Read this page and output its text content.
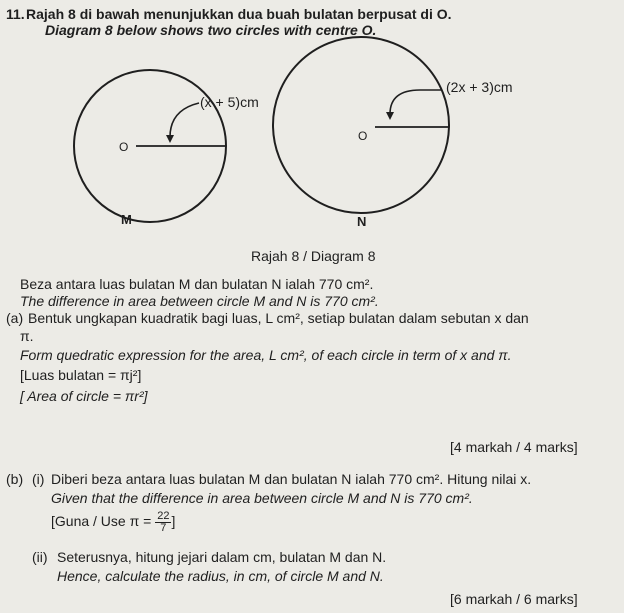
11. Rajah 8 di bawah menunjukkan dua buah bulatan berpusat di O.
Diagram 8 below shows two circles with centre O.
(x + 5)cm
O
M
(2x + 3)cm
O
N
Rajah 8 / Diagram 8
Beza antara luas bulatan M dan bulatan N ialah 770 cm².
The difference in area between circle M and N is 770 cm².
(a) Bentuk ungkapan kuadratik bagi luas, L cm², setiap bulatan dalam sebutan x dan
π.
Form quedratic expression for the area, L cm², of each circle in term of x and π.
[Luas bulatan = πj²]
[ Area of circle = πr²]
[4 markah / 4 marks]
(b) (i) Diberi beza antara luas bulatan M dan bulatan N ialah 770 cm². Hitung nilai x.
Given that the difference in area between circle M and N is 770 cm².
[Guna / Use $\pi = \frac{22}{7}$ ]
(ii) Seterusnya, hitung jejari dalam cm, bulatan M dan N.
Hence, calculate the radius, in cm, of circle M and N.
[6 markah / 6 marks]
